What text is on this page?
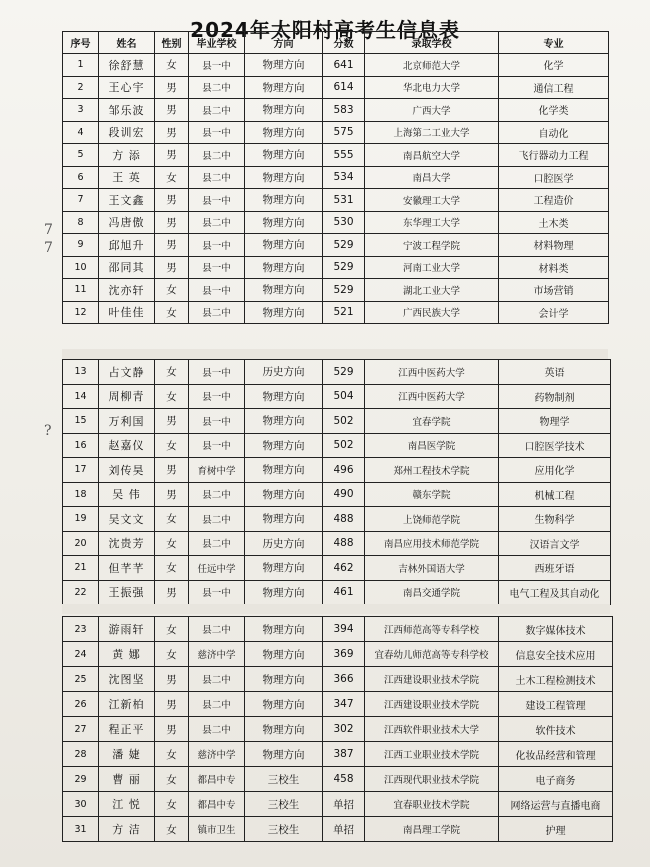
2024年太阳村高考生信息表
序号	姓名	性别	毕业学校	方向	分数	录取学校	专业
1	徐舒慧	女	县一中	物理方向	641	北京师范大学	化学
2	王心宇	男	县二中	物理方向	614	华北电力大学	通信工程
3	邹乐波	男	县二中	物理方向	583	广西大学	化学类
4	段训宏	男	县一中	物理方向	575	上海第二工业大学	自动化
5	方 添	男	县二中	物理方向	555	南昌航空大学	飞行器动力工程
6	王 英	女	县二中	物理方向	534	南昌大学	口腔医学
7	王文鑫	男	县一中	物理方向	531	安徽理工大学	工程造价
8	冯唐傲	男	县二中	物理方向	530	东华理工大学	土木类
9	邱旭升	男	县一中	物理方向	529	宁波工程学院	材料物理
10	邵同其	男	县一中	物理方向	529	河南工业大学	材料类
11	沈亦轩	女	县一中	物理方向	529	湖北工业大学	市场营销
12	叶佳佳	女	县二中	物理方向	521	广西民族大学	会计学
13	占文静	女	县一中	历史方向	529	江西中医药大学	英语
14	周柳青	女	县一中	物理方向	504	江西中医药大学	药物制剂
15	万利国	男	县一中	物理方向	502	宜春学院	物理学
16	赵嘉仪	女	县一中	物理方向	502	南昌医学院	口腔医学技术
17	刘传昊	男	育树中学	物理方向	496	郑州工程技术学院	应用化学
18	吴 伟	男	县二中	物理方向	490	赣东学院	机械工程
19	吴文文	女	县二中	物理方向	488	上饶师范学院	生物科学
20	沈贵芳	女	县二中	历史方向	488	南昌应用技术师范学院	汉语言文学
21	但芊芊	女	任远中学	物理方向	462	吉林外国语大学	西班牙语
22	王振强	男	县一中	物理方向	461	南昌交通学院	电气工程及其自动化
23	游雨轩	女	县二中	物理方向	394	江西师范高等专科学校	数字媒体技术
24	黄 娜	女	慈济中学	物理方向	369	宜春幼儿师范高等专科学校	信息安全技术应用
25	沈图坚	男	县二中	物理方向	366	江西建设职业技术学院	土木工程检测技术
26	江新柏	男	县二中	物理方向	347	江西建设职业技术学院	建设工程管理
27	程正平	男	县二中	物理方向	302	江西软件职业技术大学	软件技术
28	潘 婕	女	慈济中学	物理方向	387	江西工业职业技术学院	化妆品经营和管理
29	曹 丽	女	都昌中专	三校生	458	江西现代职业技术学院	电子商务
30	江 悦	女	都昌中专	三校生	单招	宜春职业技术学院	网络运营与直播电商
31	方 洁	女	镇市卫生	三校生	单招	南昌理工学院	护理
7
7
?
